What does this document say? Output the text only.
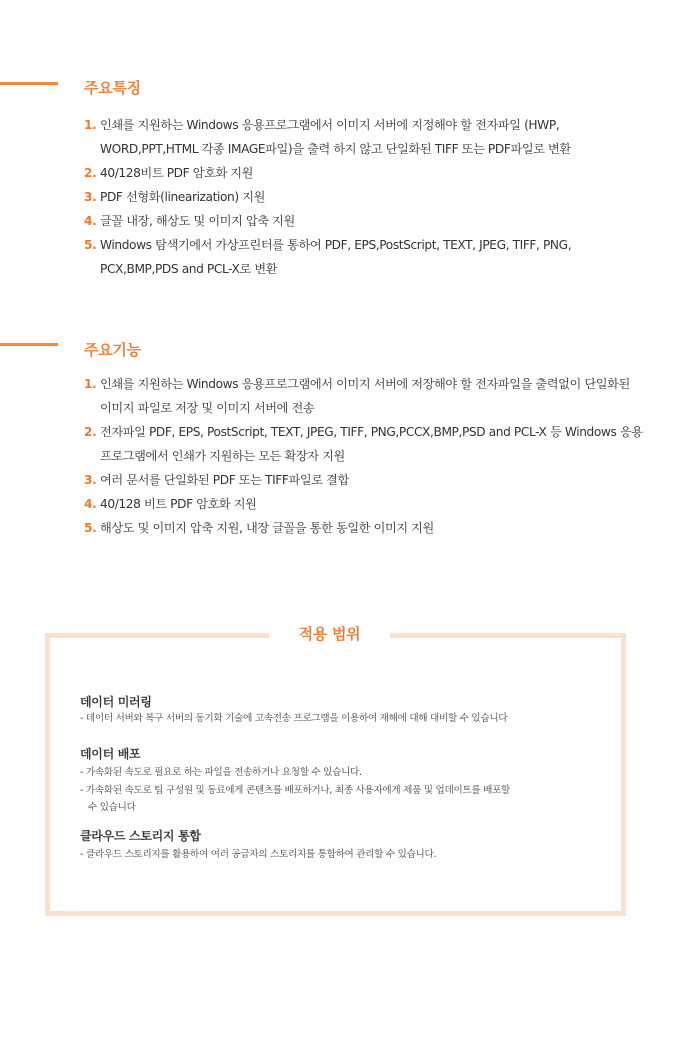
주요특징
1. 인쇄를 지원하는 Windows 응용프로그램에서 이미지 서버에 지정해야 할 전자파일 (HWP, WORD,PPT,HTML 각종 IMAGE파일)을 출력 하지 않고 단일화된 TIFF 또는 PDF파일로 변환
2. 40/128비트 PDF 암호화 지원
3. PDF 선형화(linearization) 지원
4. 글꼴 내장, 해상도 및 이미지 압축 지원
5. Windows 탐색기에서 가상프린터를 통하여 PDF, EPS,PostScript, TEXT, JPEG, TIFF, PNG, PCX,BMP,PDS and PCL-X로 변환
주요기능
1. 인쇄를 지원하는 Windows 응용프로그램에서 이미지 서버에 저장해야 할 전자파일을 출력없이 단일화된 이미지 파일로 저장 및 이미지 서버에 전송
2. 전자파일 PDF, EPS, PostScript, TEXT, JPEG, TIFF, PNG,PCCX,BMP,PSD and PCL-X 등 Windows 응용프로그램에서 인쇄가 지원하는 모든 확장자 지원
3. 여러 문서를 단일화된 PDF 또는 TIFF파일로 결합
4. 40/128 비트 PDF 암호화 지원
5. 해상도 및 이미지 압축 지원, 내장 글꼴을 통한 동일한 이미지 지원
적용 범위
데이터 미러링
- 데이터 서버와 복구 서버의 동기화 기술에 고속전송 프로그램을 이용하여 재해에 대해 대비할 수 있습니다
데이터 배포
- 가속화된 속도로 필요로 하는 파일을 전송하거나 요청할 수 있습니다.
- 가속화된 속도로 팀 구성원 및 동료에게 콘텐츠를 배포하거나, 최종 사용자에게 제품 및 업데이트를 배포할
수 있습니다
클라우드 스토리지 통합
- 클라우드 스토리지를 활용하여 여러 공급자의 스토리지를 통합하여 관리할 수 있습니다.
